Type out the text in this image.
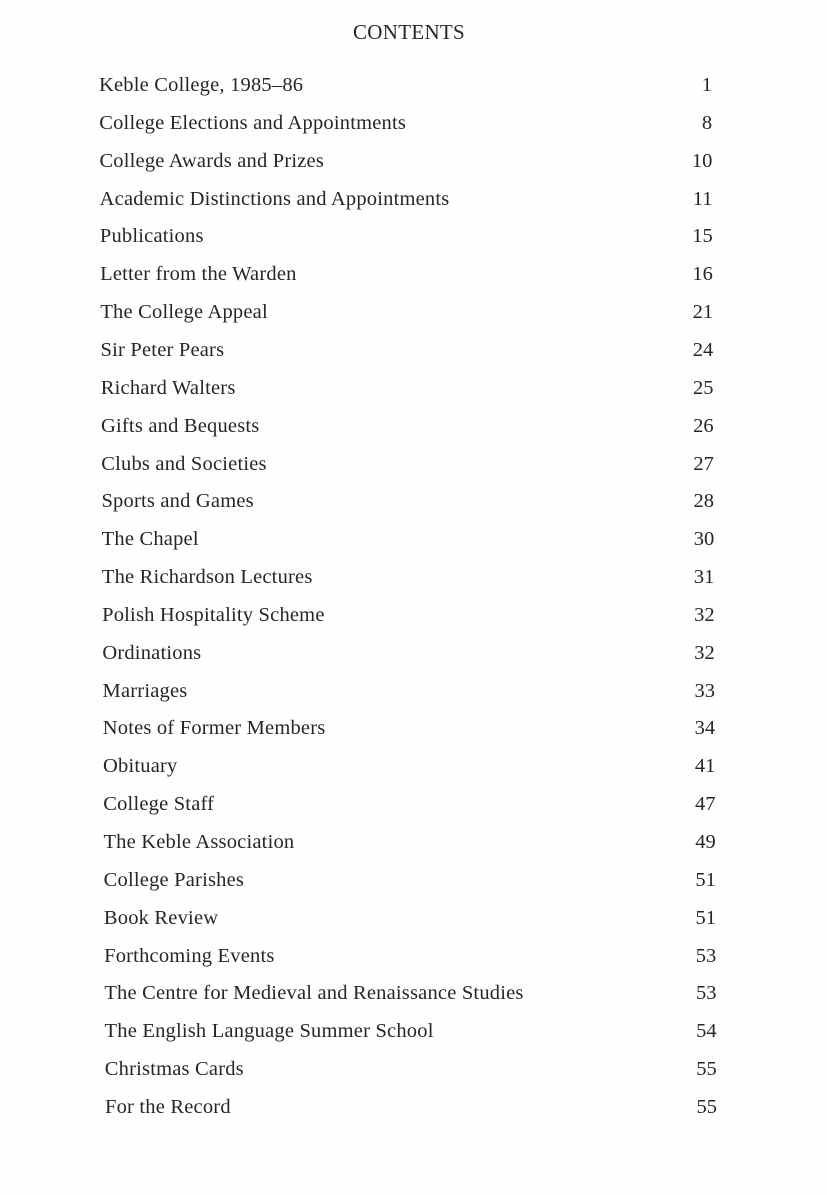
CONTENTS
Keble College, 1985–86	1
College Elections and Appointments	8
College Awards and Prizes	10
Academic Distinctions and Appointments	11
Publications	15
Letter from the Warden	16
The College Appeal	21
Sir Peter Pears	24
Richard Walters	25
Gifts and Bequests	26
Clubs and Societies	27
Sports and Games	28
The Chapel	30
The Richardson Lectures	31
Polish Hospitality Scheme	32
Ordinations	32
Marriages	33
Notes of Former Members	34
Obituary	41
College Staff	47
The Keble Association	49
College Parishes	51
Book Review	51
Forthcoming Events	53
The Centre for Medieval and Renaissance Studies	53
The English Language Summer School	54
Christmas Cards	55
For the Record	55
